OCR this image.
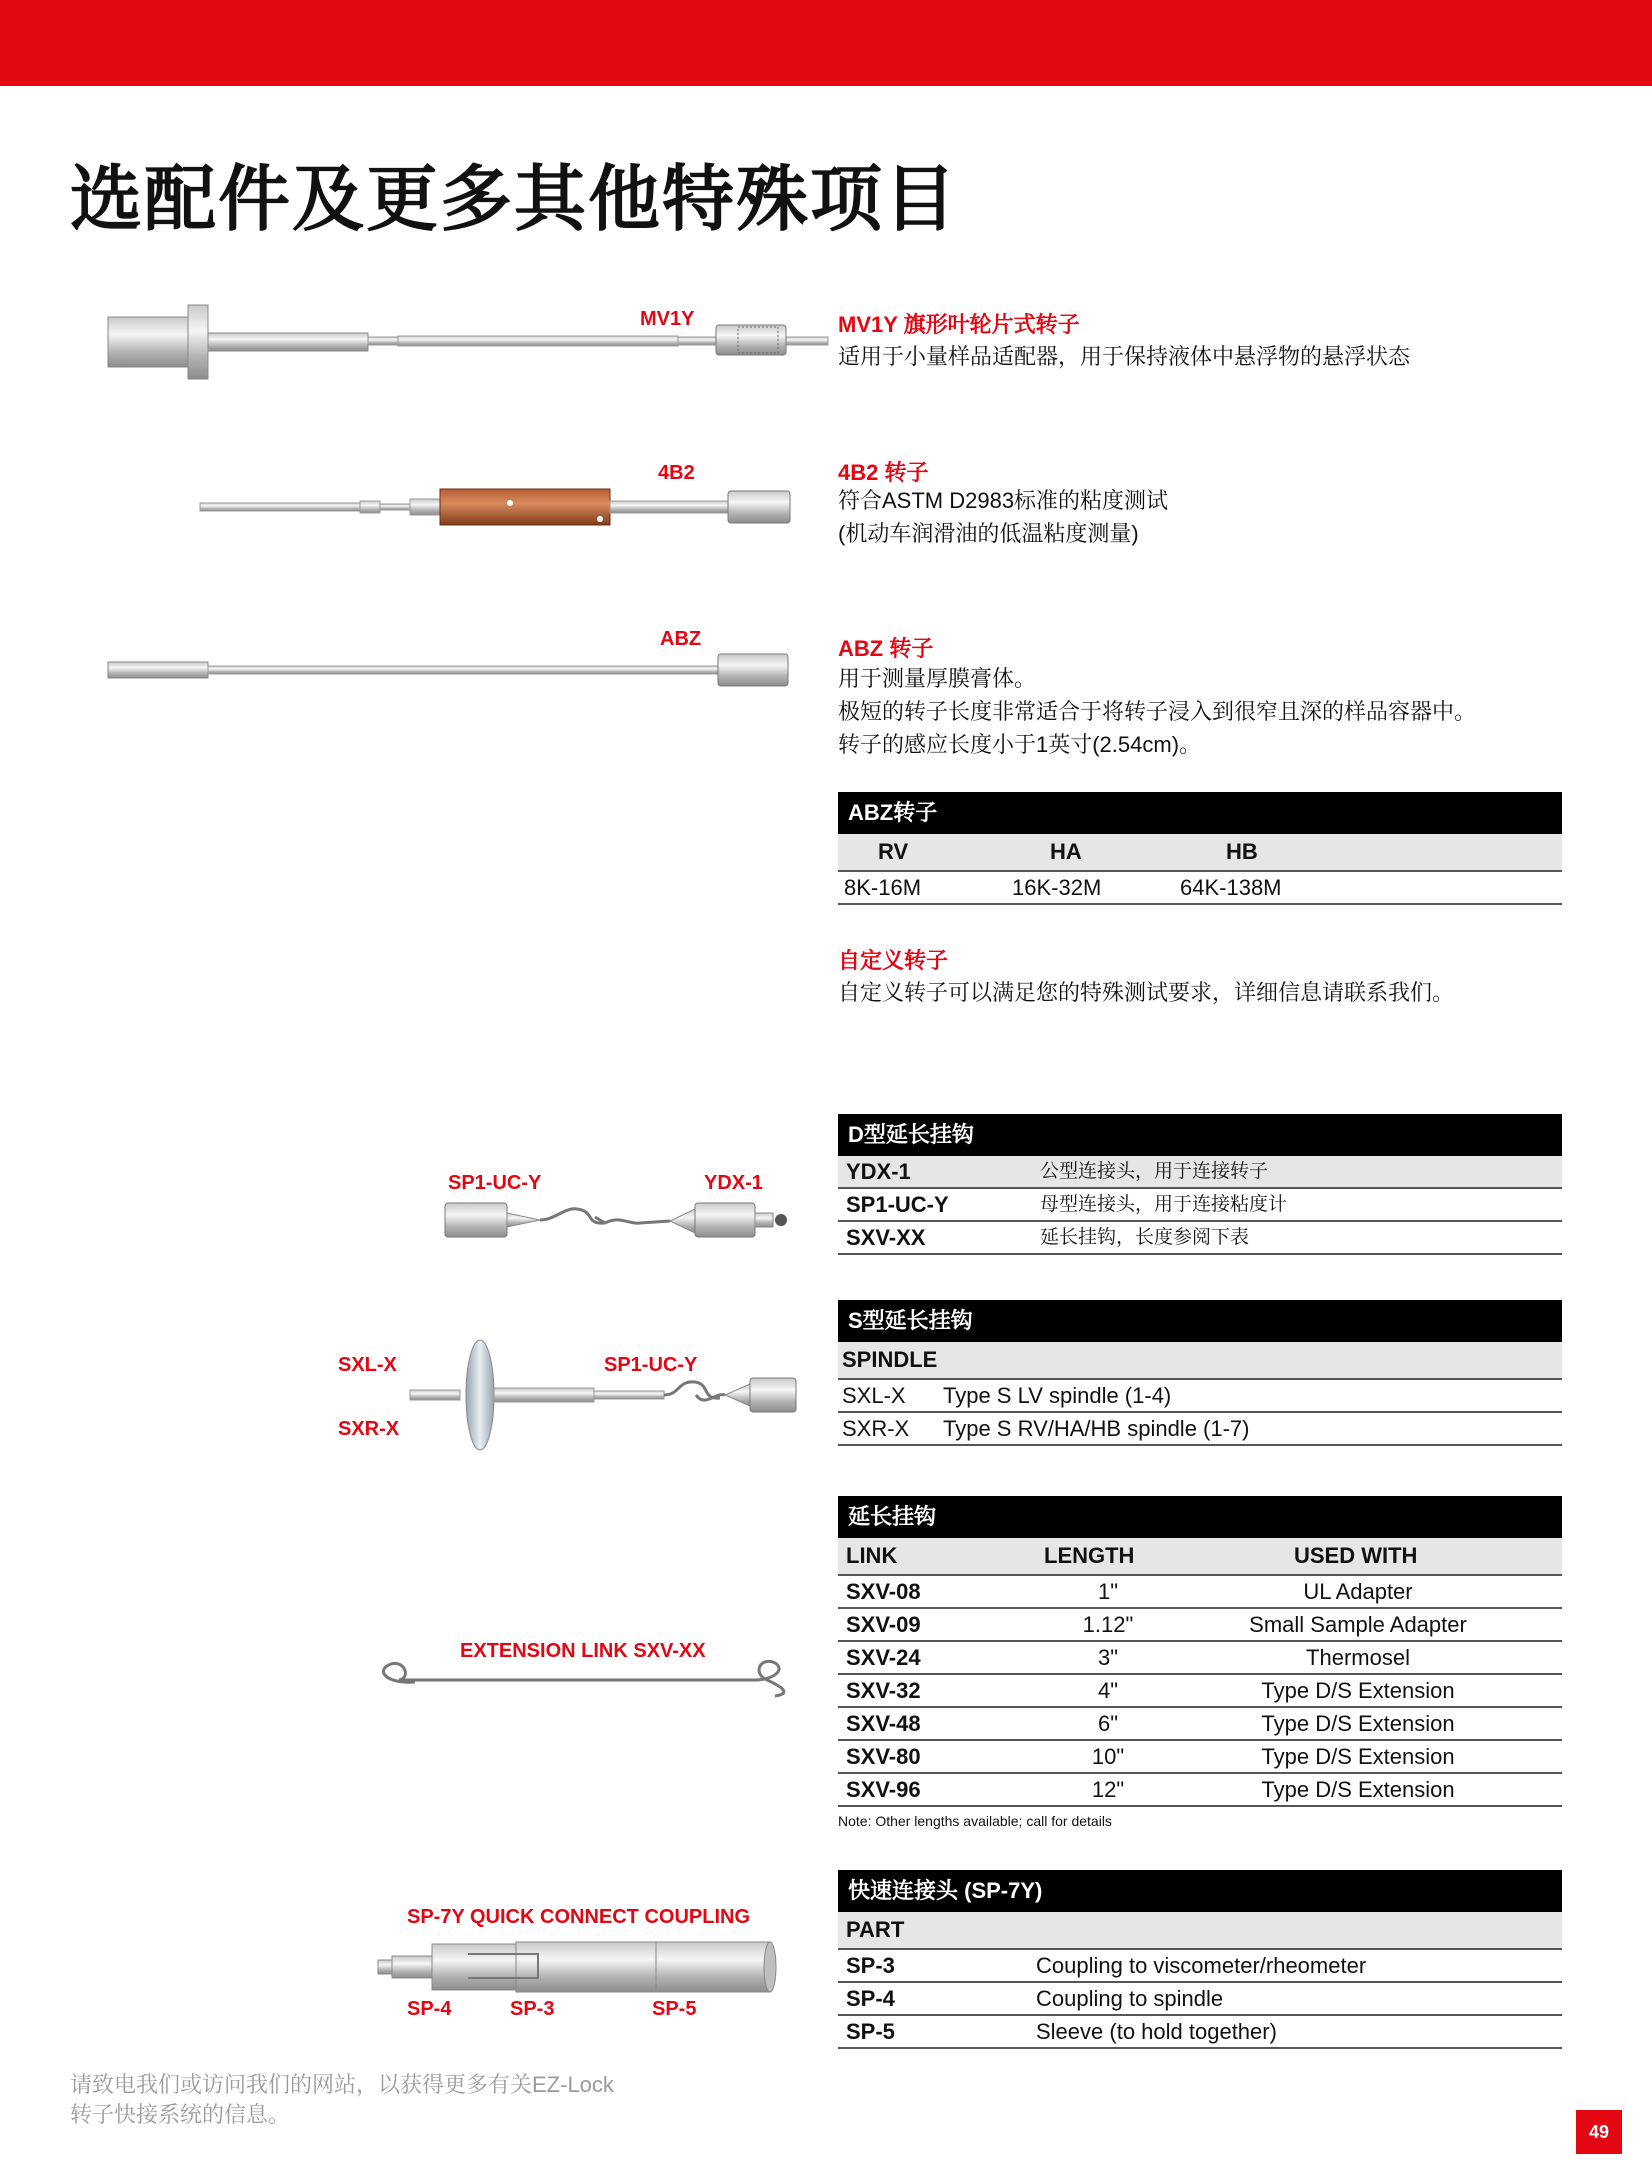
选配件及更多其他特殊项目
MV1Y	MV1Y 旗形叶轮片式转子
适用于小量样品适配器，用于保持液体中悬浮物的悬浮状态
4B2	4B2 转子
符合ASTM D2983标准的粘度测试
(机动车润滑油的低温粘度测量)
ABZ	ABZ 转子
用于测量厚膜膏体。
极短的转子长度非常适合于将转子浸入到很窄且深的样品容器中。
转子的感应长度小于1英寸(2.54cm)。
ABZ转子
RV	HA	HB
8K-16M	16K-32M	64K-138M
自定义转子
自定义转子可以满足您的特殊测试要求，详细信息请联系我们。
SP1-UC-Y	YDX-1
D型延长挂钩
YDX-1	公型连接头，用于连接转子
SP1-UC-Y	母型连接头，用于连接粘度计
SXV-XX	延长挂钩，长度参阅下表
SXL-X
SXR-X
SP1-UC-Y
S型延长挂钩
SPINDLE
SXL-X Type S LV spindle (1-4)
SXR-X Type S RV/HA/HB spindle (1-7)
EXTENSION LINK SXV-XX
延长挂钩
LINK	LENGTH	USED WITH
SXV-08	1"	UL Adapter
SXV-09	1.12"	Small Sample Adapter
SXV-24	3"	Thermosel
SXV-32	4"	Type D/S Extension
SXV-48	6"	Type D/S Extension
SXV-80	10"	Type D/S Extension
SXV-96	12"	Type D/S Extension
Note: Other lengths available; call for details
SP-7Y QUICK CONNECT COUPLING
SP-4	SP-3	SP-5
快速连接头 (SP-7Y)
PART
SP-3	Coupling to viscometer/rheometer
SP-4	Coupling to spindle
SP-5	Sleeve (to hold together)
请致电我们或访问我们的网站，以获得更多有关EZ-Lock
转子快接系统的信息。
49
